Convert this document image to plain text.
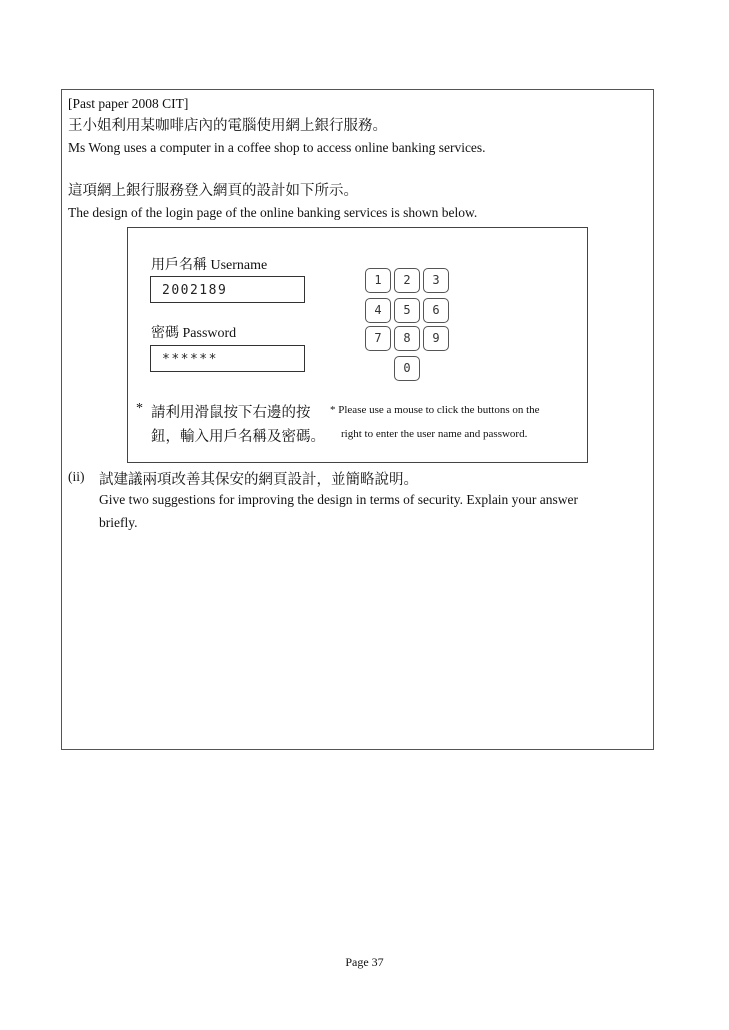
[Past paper 2008 CIT]
王小姐利用某咖啡店內的電腦使用網上銀行服務。
Ms Wong uses a computer in a coffee shop to access online banking services.
這項網上銀行服務登入網頁的設計如下所示。
The design of the login page of the online banking services is shown below.
用戶名稱 Username
2002189
密碼 Password
******
1	2	3
4	5	6
7	8	9
0
* 請利用滑鼠按下右邊的按
鈕，輸入用戶名稱及密碼。
* Please use a mouse to click the buttons on the
right to enter the user name and password.
(ii) 試建議兩項改善其保安的網頁設計，並簡略說明。
Give two suggestions for improving the design in terms of security. Explain your answer
briefly.
Page 37
